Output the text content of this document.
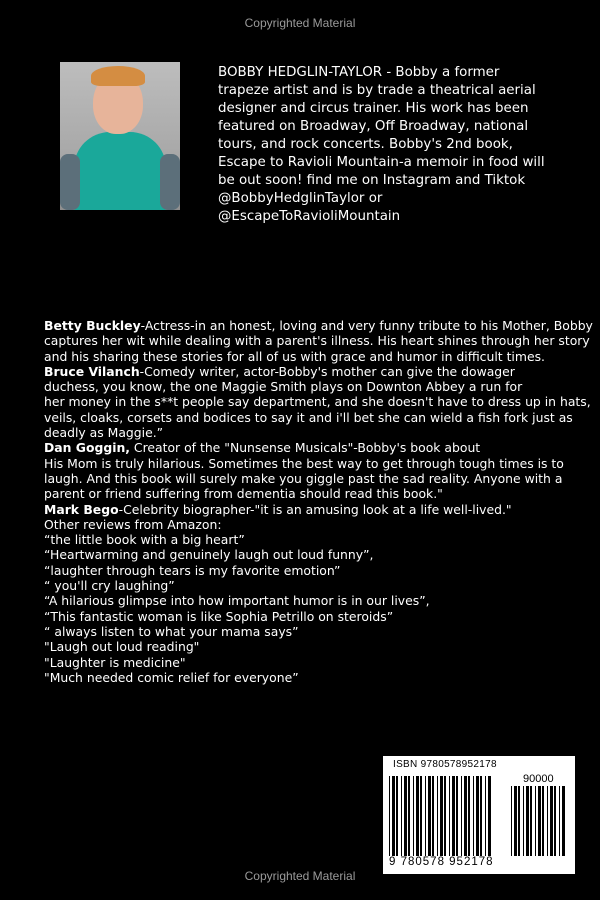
Copyrighted Material
BOBBY HEDGLIN-TAYLOR - Bobby a former
trapeze artist and is by trade a theatrical aerial
designer and circus trainer. His work has been
featured on Broadway, Off Broadway, national
tours, and rock concerts. Bobby's 2nd book,
Escape to Ravioli Mountain-a memoir in food will
be out soon! find me on Instagram and Tiktok
@BobbyHedglinTaylor or
@EscapeToRavioliMountain
Betty Buckley-Actress-in an honest, loving and very funny tribute to his Mother, Bobby
captures her wit while dealing with a parent's illness. His heart shines through her story
and his sharing these stories for all of us with grace and humor in difficult times.
Bruce Vilanch-Comedy writer, actor-Bobby's mother can give the dowager
duchess, you know, the one Maggie Smith plays on Downton Abbey a run for
her money in the s**t people say department, and she doesn't have to dress up in hats,
veils, cloaks, corsets and bodices to say it and i'll bet she can wield a fish fork just as
deadly as Maggie.”
Dan Goggin, Creator of the "Nunsense Musicals"-Bobby's book about
His Mom is truly hilarious. Sometimes the best way to get through tough times is to
laugh. And this book will surely make you giggle past the sad reality. Anyone with a
parent or friend suffering from dementia should read this book."
Mark Bego-Celebrity biographer-"it is an amusing look at a life well-lived."
Other reviews from Amazon:
“the little book with a big heart”
“Heartwarming and genuinely laugh out loud funny”,
“laughter through tears is my favorite emotion”
“ you'll cry laughing”
“A hilarious glimpse into how important humor is in our lives”,
“This fantastic woman is like Sophia Petrillo on steroids”
“ always listen to what your mama says”
"Laugh out loud reading"
"Laughter is medicine"
"Much needed comic relief for everyone”
ISBN 9780578952178
90000
9 780578 952178
Copyrighted Material
